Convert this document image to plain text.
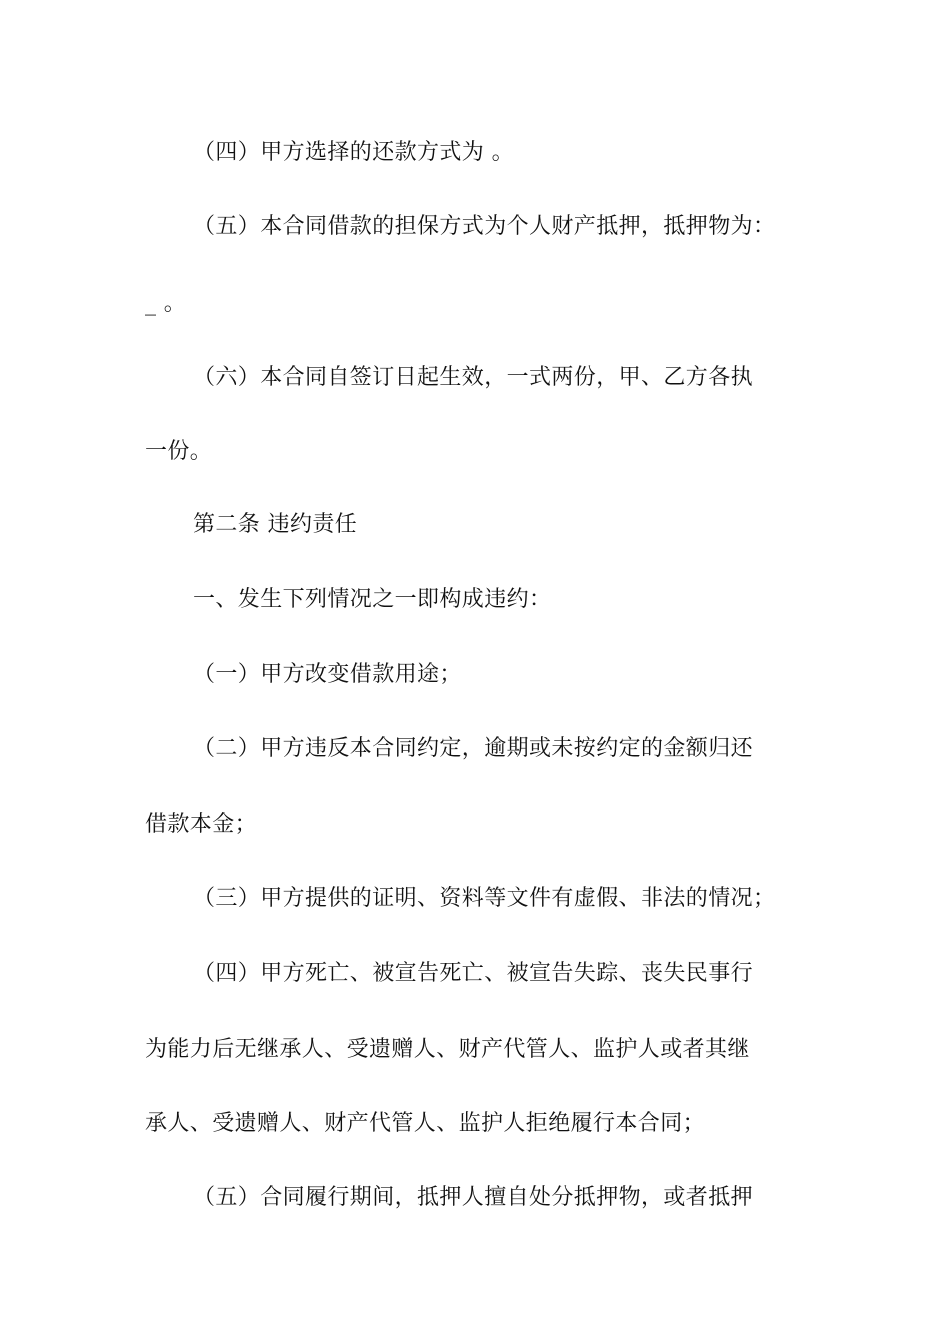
（四）甲方选择的还款方式为 。
（五）本合同借款的担保方式为个人财产抵押，抵押物为：
_ 。
（六）本合同自签订日起生效，一式两份，甲、乙方各执
一份。
第二条 违约责任
一、发生下列情况之一即构成违约：
（一）甲方改变借款用途；
（二）甲方违反本合同约定，逾期或未按约定的金额归还
借款本金；
（三）甲方提供的证明、资料等文件有虚假、非法的情况；
（四）甲方死亡、被宣告死亡、被宣告失踪、丧失民事行
为能力后无继承人、受遗赠人、财产代管人、监护人或者其继
承人、受遗赠人、财产代管人、监护人拒绝履行本合同；
（五）合同履行期间，抵押人擅自处分抵押物，或者抵押
